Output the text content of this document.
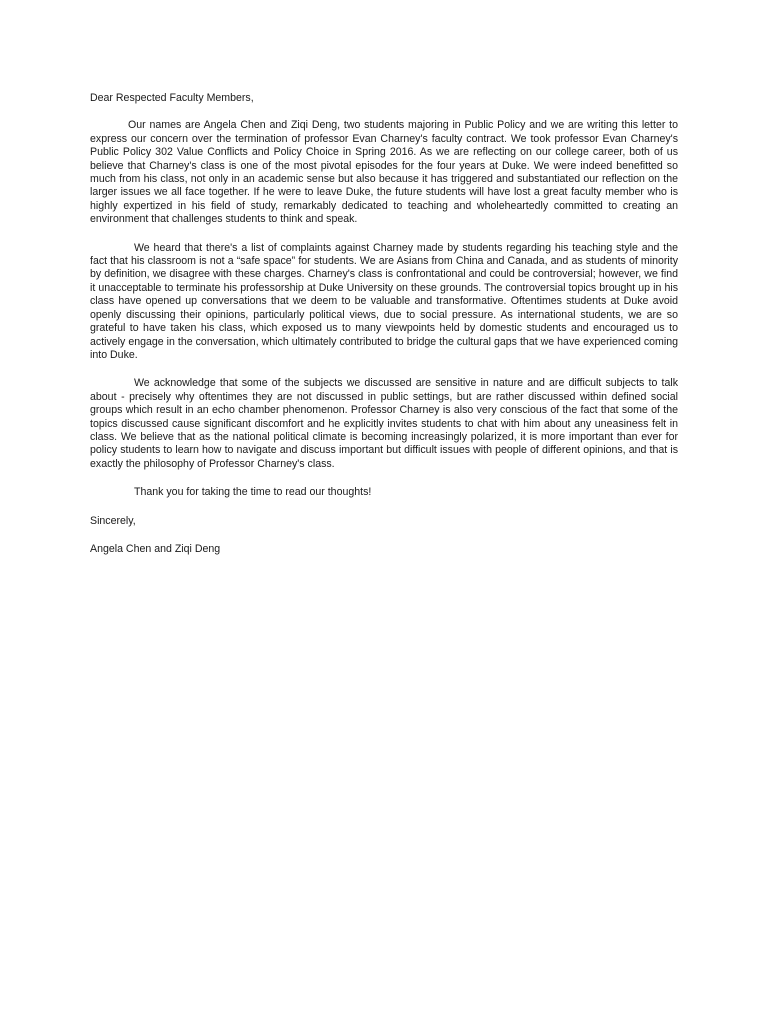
Dear Respected Faculty Members,

Our names are Angela Chen and Ziqi Deng, two students majoring in Public Policy and we are writing this letter to express our concern over the termination of professor Evan Charney's faculty contract. We took professor Evan Charney's Public Policy 302 Value Conflicts and Policy Choice in Spring 2016. As we are reflecting on our college career, both of us believe that Charney's class is one of the most pivotal episodes for the four years at Duke. We were indeed benefitted so much from his class, not only in an academic sense but also because it has triggered and substantiated our reflection on the larger issues we all face together. If he were to leave Duke, the future students will have lost a great faculty member who is highly expertized in his field of study, remarkably dedicated to teaching and wholeheartedly committed to creating an environment that challenges students to think and speak.

We heard that there's a list of complaints against Charney made by students regarding his teaching style and the fact that his classroom is not a “safe space” for students. We are Asians from China and Canada, and as students of minority by definition, we disagree with these charges. Charney's class is confrontational and could be controversial; however, we find it unacceptable to terminate his professorship at Duke University on these grounds. The controversial topics brought up in his class have opened up conversations that we deem to be valuable and transformative. Oftentimes students at Duke avoid openly discussing their opinions, particularly political views, due to social pressure. As international students, we are so grateful to have taken his class, which exposed us to many viewpoints held by domestic students and encouraged us to actively engage in the conversation, which ultimately contributed to bridge the cultural gaps that we have experienced coming into Duke.

We acknowledge that some of the subjects we discussed are sensitive in nature and are difficult subjects to talk about - precisely why oftentimes they are not discussed in public settings, but are rather discussed within defined social groups which result in an echo chamber phenomenon. Professor Charney is also very conscious of the fact that some of the topics discussed cause significant discomfort and he explicitly invites students to chat with him about any uneasiness felt in class. We believe that as the national political climate is becoming increasingly polarized, it is more important than ever for policy students to learn how to navigate and discuss important but difficult issues with people of different opinions, and that is exactly the philosophy of Professor Charney's class.

Thank you for taking the time to read our thoughts!

Sincerely,

Angela Chen and Ziqi Deng
